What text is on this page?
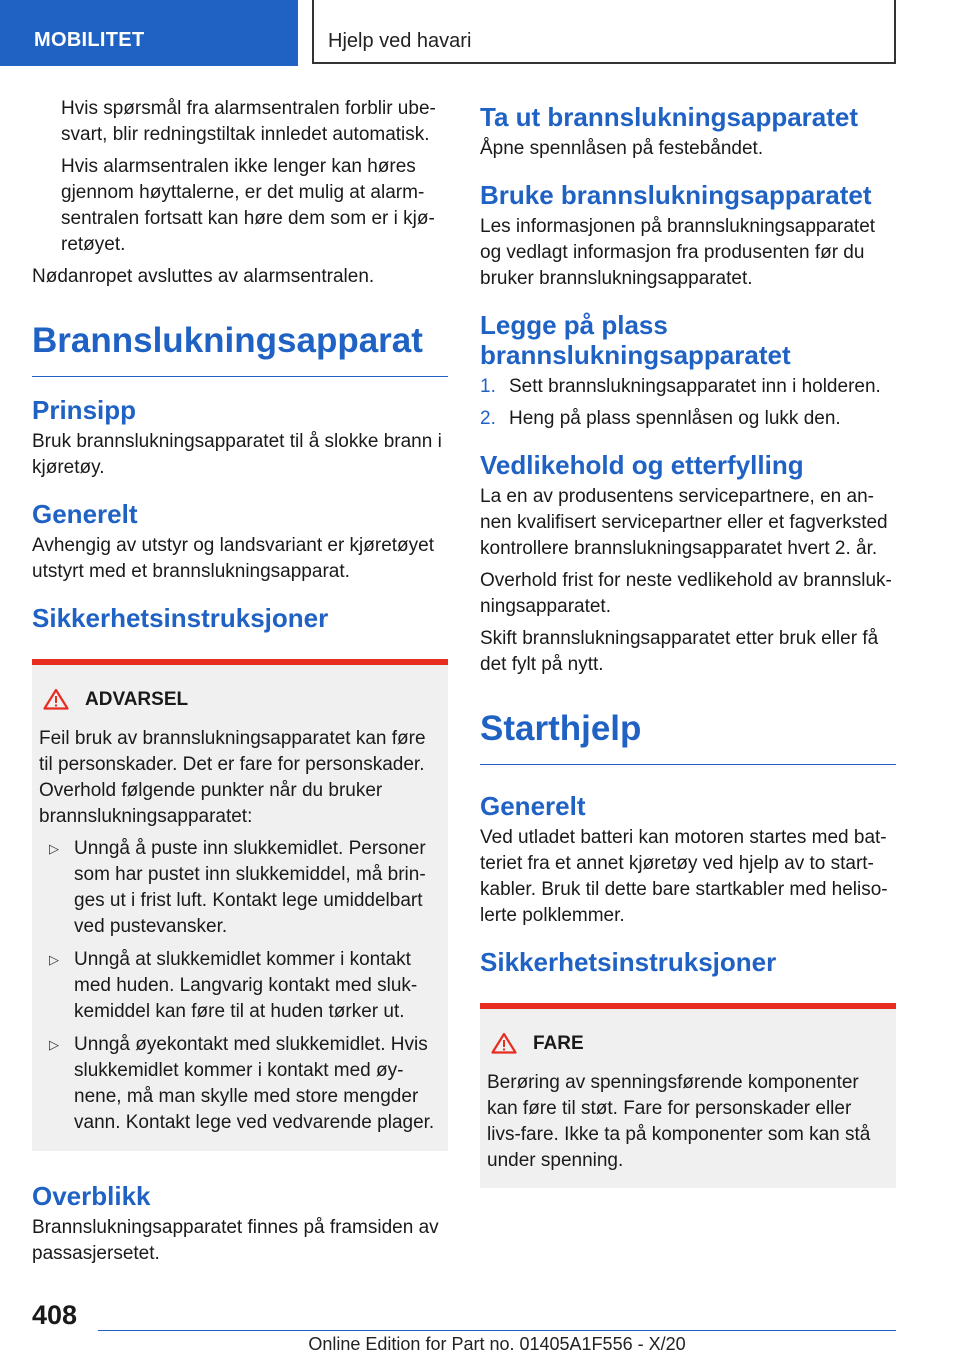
MOBILITET	Hjelp ved havari

Hvis spørsmål fra alarmsentralen forblir ube-svart, blir redningstiltak innledet automatisk.

Hvis alarmsentralen ikke lenger kan høres gjennom høyttalerne, er det mulig at alarm-sentralen fortsatt kan høre dem som er i kjø-retøyet.

Nødanropet avsluttes av alarmsentralen.

Brannslukningsapparat
Prinsipp

Bruk brannslukningsapparatet til å slokke brann i kjøretøy.

Generelt

Avhengig av utstyr og landsvariant er kjøretøyet utstyrt med et brannslukningsapparat.

Sikkerhetsinstruksjoner
ADVARSEL

Feil bruk av brannslukningsapparatet kan føre til personskader. Det er fare for personskader. Overhold følgende punkter når du bruker brannslukningsapparatet:

▷ Unngå å puste inn slukkemidlet. Personer som har pustet inn slukkemiddel, må brin-ges ut i frist luft. Kontakt lege umiddelbart ved pustevansker.
▷ Unngå at slukkemidlet kommer i kontakt med huden. Langvarig kontakt med sluk-kemiddel kan føre til at huden tørker ut.
▷ Unngå øyekontakt med slukkemidlet. Hvis slukkemidlet kommer i kontakt med øy-nene, må man skylle med store mengder vann. Kontakt lege ved vedvarende plager.
Overblikk

Brannslukningsapparatet finnes på framsiden av passasjersetet.

Ta ut brannslukningsapparatet

Åpne spennlåsen på festebåndet.

Bruke brannslukningsapparatet

Les informasjonen på brannslukningsapparatet og vedlagt informasjon fra produsenten før du bruker brannslukningsapparatet.

Legge på plass brannslukningsapparatet
1. Sett brannslukningsapparatet inn i holderen.
2. Heng på plass spennlåsen og lukk den.
Vedlikehold og etterfylling

La en av produsentens servicepartnere, en an-nen kvalifisert servicepartner eller et fagverksted kontrollere brannslukningsapparatet hvert 2. år.

Overhold frist for neste vedlikehold av brannsluk-ningsapparatet.

Skift brannslukningsapparatet etter bruk eller få det fylt på nytt.

Starthjelp
Generelt

Ved utladet batteri kan motoren startes med bat-teriet fra et annet kjøretøy ved hjelp av to start-kabler. Bruk til dette bare startkabler med heliso-lerte polklemmer.

Sikkerhetsinstruksjoner
FARE

Berøring av spenningsførende komponenter kan føre til støt. Fare for personskader eller livs-fare. Ikke ta på komponenter som kan stå under spenning.

408
Online Edition for Part no. 01405A1F556 - X/20
